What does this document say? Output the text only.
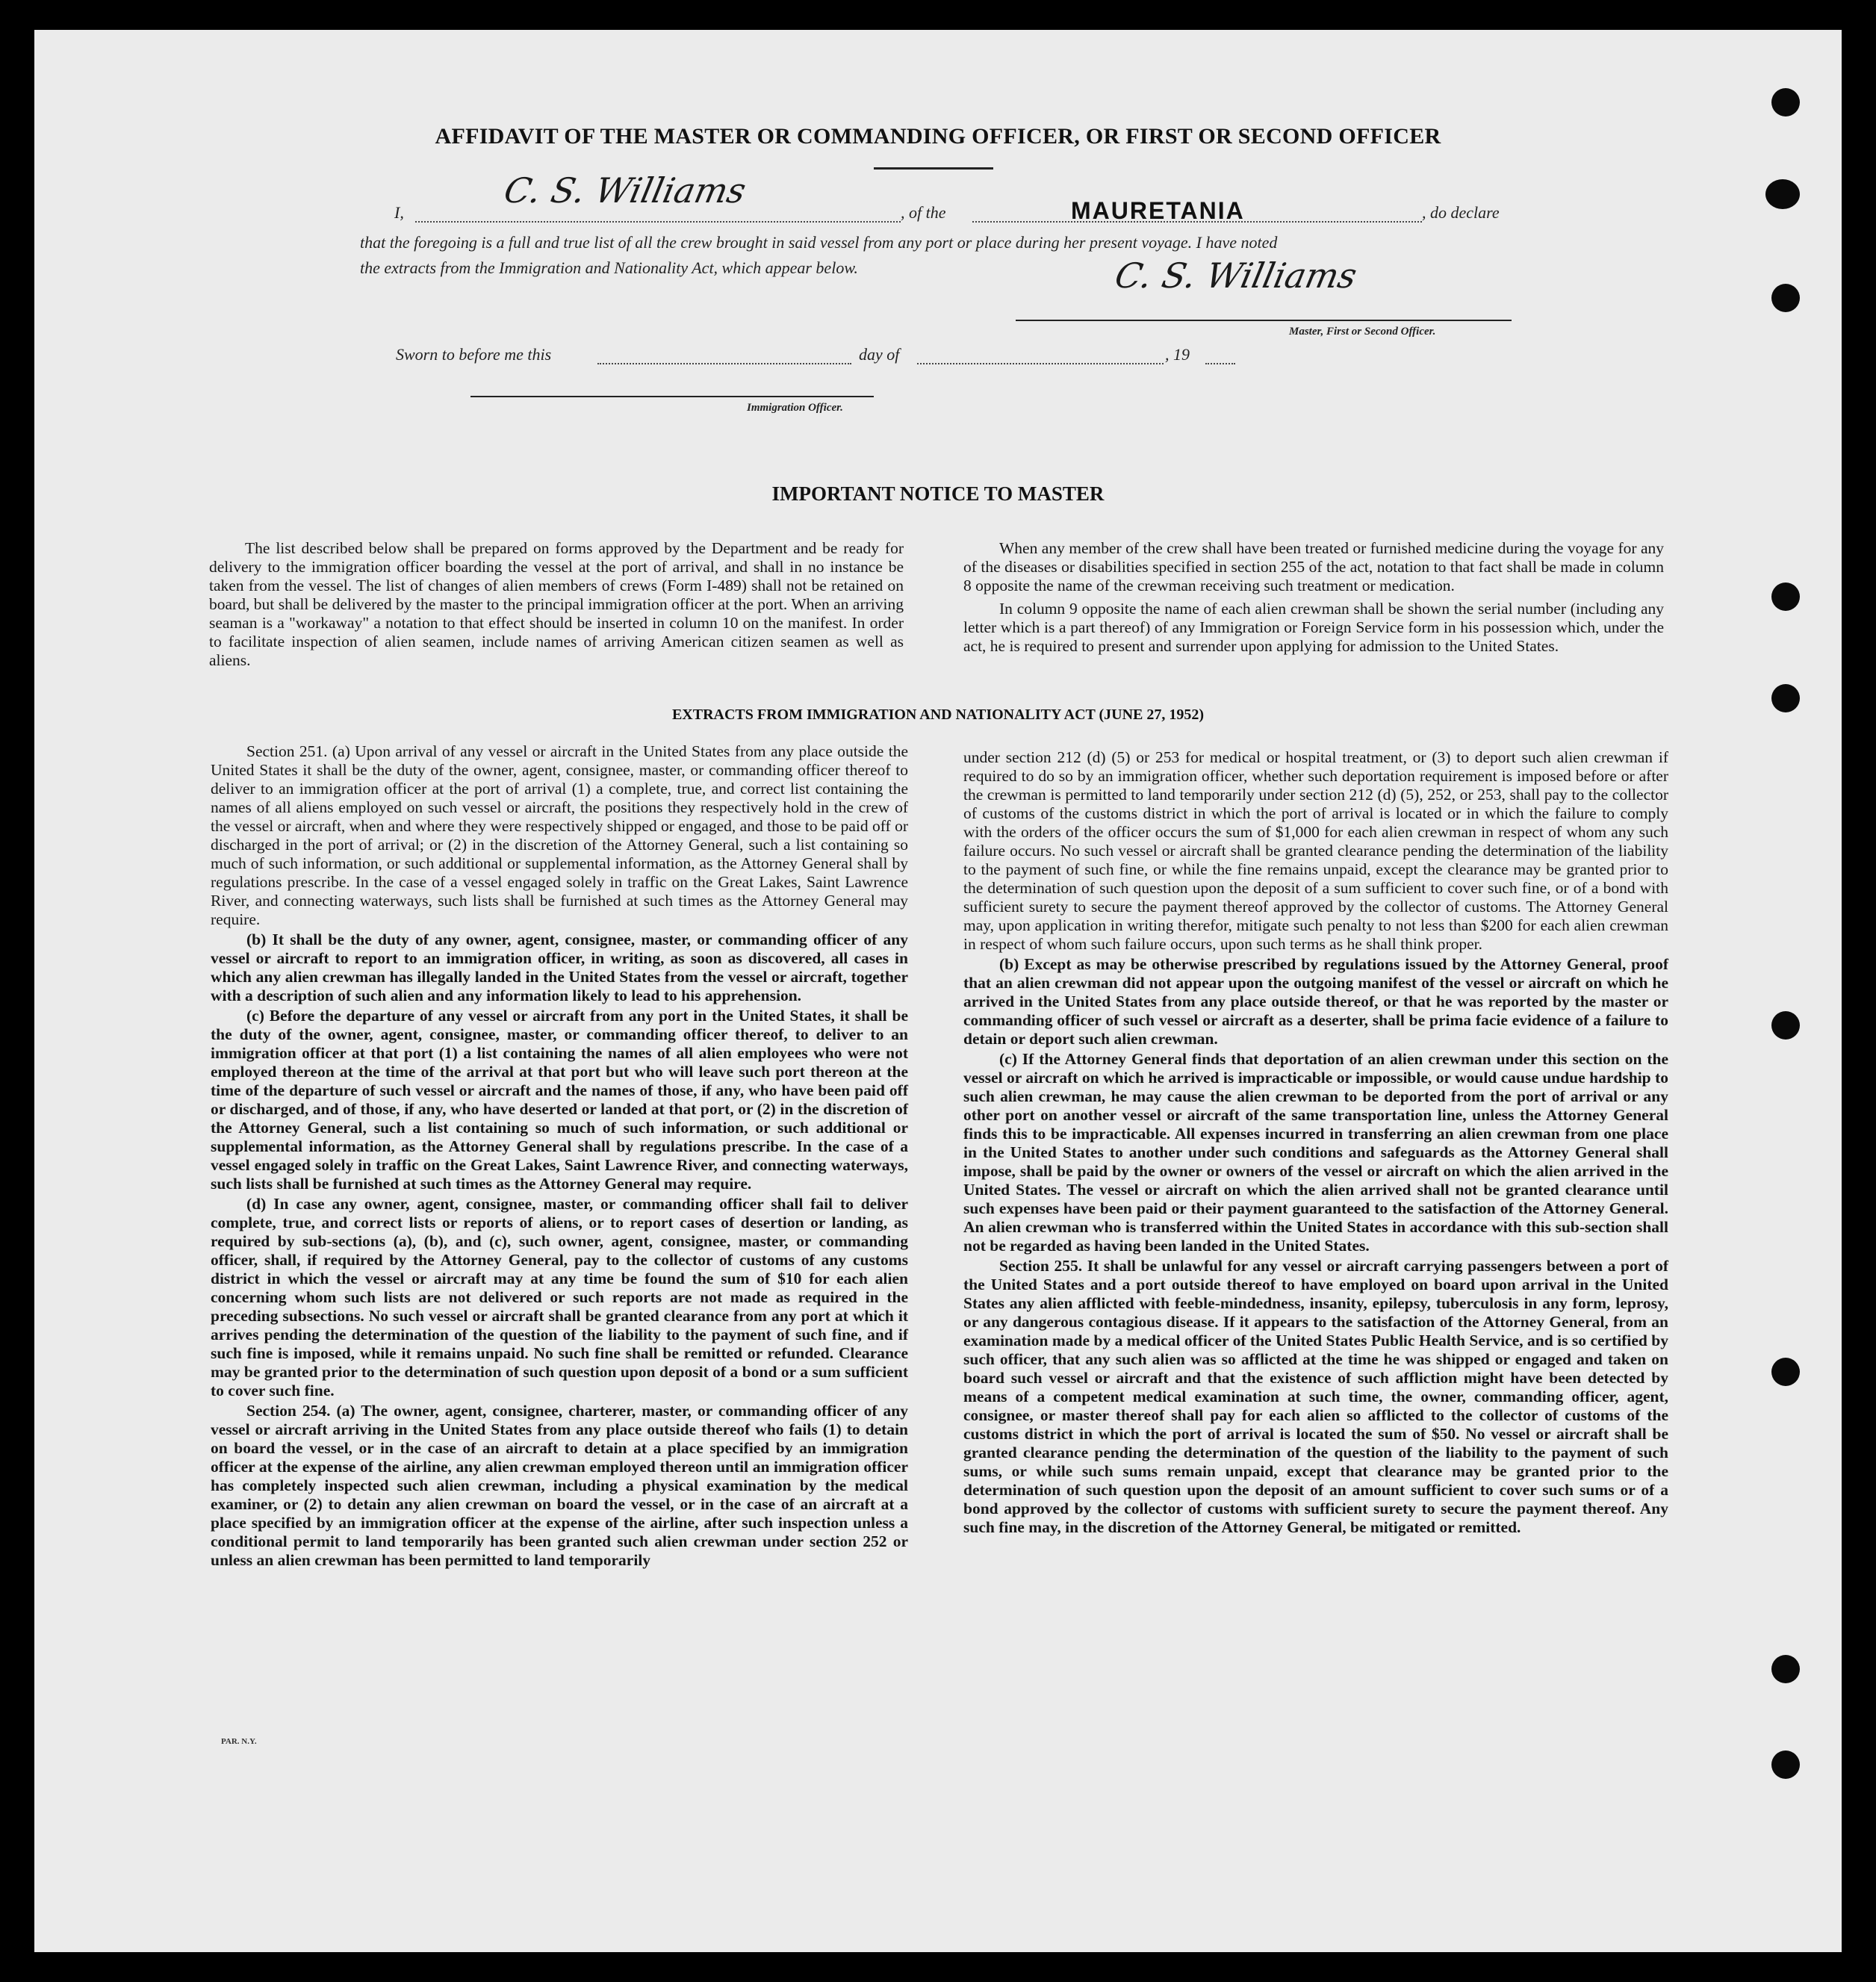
AFFIDAVIT OF THE MASTER OR COMMANDING OFFICER, OR FIRST OR SECOND OFFICER
I,
C. S. Williams
, of the	MAURETANIA	, do declare
that the foregoing is a full and true list of all the crew brought in said vessel from any port or place during her present voyage. I have noted
the extracts from the Immigration and Nationality Act, which appear below.	C. S. Williams
Master, First or Second Officer.
Sworn to before me this	day of	, 19
Immigration Officer.
IMPORTANT NOTICE TO MASTER

The list described below shall be prepared on forms approved by the Department and be ready for delivery to the immigration officer boarding the vessel at the port of arrival, and shall in no instance be taken from the vessel. The list of changes of alien members of crews (Form I-489) shall not be retained on board, but shall be delivered by the master to the principal immigration officer at the port. When an arriving seaman is a "workaway" a notation to that effect should be inserted in column 10 on the manifest. In order to facilitate inspection of alien seamen, include names of arriving American citizen seamen as well as aliens.

When any member of the crew shall have been treated or furnished medicine during the voyage for any of the diseases or disabilities specified in section 255 of the act, notation to that fact shall be made in column 8 opposite the name of the crewman receiving such treatment or medication.

In column 9 opposite the name of each alien crewman shall be shown the serial number (including any letter which is a part thereof) of any Immigration or Foreign Service form in his possession which, under the act, he is required to present and surrender upon applying for admission to the United States.

EXTRACTS FROM IMMIGRATION AND NATIONALITY ACT (JUNE 27, 1952)

Section 251. (a) Upon arrival of any vessel or aircraft in the United States from any place outside the United States it shall be the duty of the owner, agent, consignee, master, or commanding officer thereof to deliver to an immigration officer at the port of arrival (1) a complete, true, and correct list containing the names of all aliens employed on such vessel or aircraft, the positions they respectively hold in the crew of the vessel or aircraft, when and where they were respectively shipped or engaged, and those to be paid off or discharged in the port of arrival; or (2) in the discretion of the Attorney General, such a list containing so much of such information, or such additional or supplemental information, as the Attorney General shall by regulations prescribe. In the case of a vessel engaged solely in traffic on the Great Lakes, Saint Lawrence River, and connecting waterways, such lists shall be furnished at such times as the Attorney General may require.

(b) It shall be the duty of any owner, agent, consignee, master, or commanding officer of any vessel or aircraft to report to an immigration officer, in writing, as soon as discovered, all cases in which any alien crewman has illegally landed in the United States from the vessel or aircraft, together with a description of such alien and any information likely to lead to his apprehension.

(c) Before the departure of any vessel or aircraft from any port in the United States, it shall be the duty of the owner, agent, consignee, master, or commanding officer thereof, to deliver to an immigration officer at that port (1) a list containing the names of all alien employees who were not employed thereon at the time of the arrival at that port but who will leave such port thereon at the time of the departure of such vessel or aircraft and the names of those, if any, who have been paid off or discharged, and of those, if any, who have deserted or landed at that port, or (2) in the discretion of the Attorney General, such a list containing so much of such information, or such additional or supplemental information, as the Attorney General shall by regulations prescribe. In the case of a vessel engaged solely in traffic on the Great Lakes, Saint Lawrence River, and connecting waterways, such lists shall be furnished at such times as the Attorney General may require.

(d) In case any owner, agent, consignee, master, or commanding officer shall fail to deliver complete, true, and correct lists or reports of aliens, or to report cases of desertion or landing, as required by sub-sections (a), (b), and (c), such owner, agent, consignee, master, or commanding officer, shall, if required by the Attorney General, pay to the collector of customs of any customs district in which the vessel or aircraft may at any time be found the sum of $10 for each alien concerning whom such lists are not delivered or such reports are not made as required in the preceding subsections. No such vessel or aircraft shall be granted clearance from any port at which it arrives pending the determination of the question of the liability to the payment of such fine, and if such fine is imposed, while it remains unpaid. No such fine shall be remitted or refunded. Clearance may be granted prior to the determination of such question upon deposit of a bond or a sum sufficient to cover such fine.

Section 254. (a) The owner, agent, consignee, charterer, master, or commanding officer of any vessel or aircraft arriving in the United States from any place outside thereof who fails (1) to detain on board the vessel, or in the case of an aircraft to detain at a place specified by an immigration officer at the expense of the airline, any alien crewman employed thereon until an immigration officer has completely inspected such alien crewman, including a physical examination by the medical examiner, or (2) to detain any alien crewman on board the vessel, or in the case of an aircraft at a place specified by an immigration officer at the expense of the airline, after such inspection unless a conditional permit to land temporarily has been granted such alien crewman under section 252 or unless an alien crewman has been permitted to land temporarily

under section 212 (d) (5) or 253 for medical or hospital treatment, or (3) to deport such alien crewman if required to do so by an immigration officer, whether such deportation requirement is imposed before or after the crewman is permitted to land temporarily under section 212 (d) (5), 252, or 253, shall pay to the collector of customs of the customs district in which the port of arrival is located or in which the failure to comply with the orders of the officer occurs the sum of $1,000 for each alien crewman in respect of whom any such failure occurs. No such vessel or aircraft shall be granted clearance pending the determination of the liability to the payment of such fine, or while the fine remains unpaid, except the clearance may be granted prior to the determination of such question upon the deposit of a sum sufficient to cover such fine, or of a bond with sufficient surety to secure the payment thereof approved by the collector of customs. The Attorney General may, upon application in writing therefor, mitigate such penalty to not less than $200 for each alien crewman in respect of whom such failure occurs, upon such terms as he shall think proper.

(b) Except as may be otherwise prescribed by regulations issued by the Attorney General, proof that an alien crewman did not appear upon the outgoing manifest of the vessel or aircraft on which he arrived in the United States from any place outside thereof, or that he was reported by the master or commanding officer of such vessel or aircraft as a deserter, shall be prima facie evidence of a failure to detain or deport such alien crewman.

(c) If the Attorney General finds that deportation of an alien crewman under this section on the vessel or aircraft on which he arrived is impracticable or impossible, or would cause undue hardship to such alien crewman, he may cause the alien crewman to be deported from the port of arrival or any other port on another vessel or aircraft of the same transportation line, unless the Attorney General finds this to be impracticable. All expenses incurred in transferring an alien crewman from one place in the United States to another under such conditions and safeguards as the Attorney General shall impose, shall be paid by the owner or owners of the vessel or aircraft on which the alien arrived in the United States. The vessel or aircraft on which the alien arrived shall not be granted clearance until such expenses have been paid or their payment guaranteed to the satisfaction of the Attorney General. An alien crewman who is transferred within the United States in accordance with this sub-section shall not be regarded as having been landed in the United States.

Section 255. It shall be unlawful for any vessel or aircraft carrying passengers between a port of the United States and a port outside thereof to have employed on board upon arrival in the United States any alien afflicted with feeble-mindedness, insanity, epilepsy, tuberculosis in any form, leprosy, or any dangerous contagious disease. If it appears to the satisfaction of the Attorney General, from an examination made by a medical officer of the United States Public Health Service, and is so certified by such officer, that any such alien was so afflicted at the time he was shipped or engaged and taken on board such vessel or aircraft and that the existence of such affliction might have been detected by means of a competent medical examination at such time, the owner, commanding officer, agent, consignee, or master thereof shall pay for each alien so afflicted to the collector of customs of the customs district in which the port of arrival is located the sum of $50. No vessel or aircraft shall be granted clearance pending the determination of the question of the liability to the payment of such sums, or while such sums remain unpaid, except that clearance may be granted prior to the determination of such question upon the deposit of an amount sufficient to cover such sums or of a bond approved by the collector of customs with sufficient surety to secure the payment thereof. Any such fine may, in the discretion of the Attorney General, be mitigated or remitted.

PAR. N.Y.
